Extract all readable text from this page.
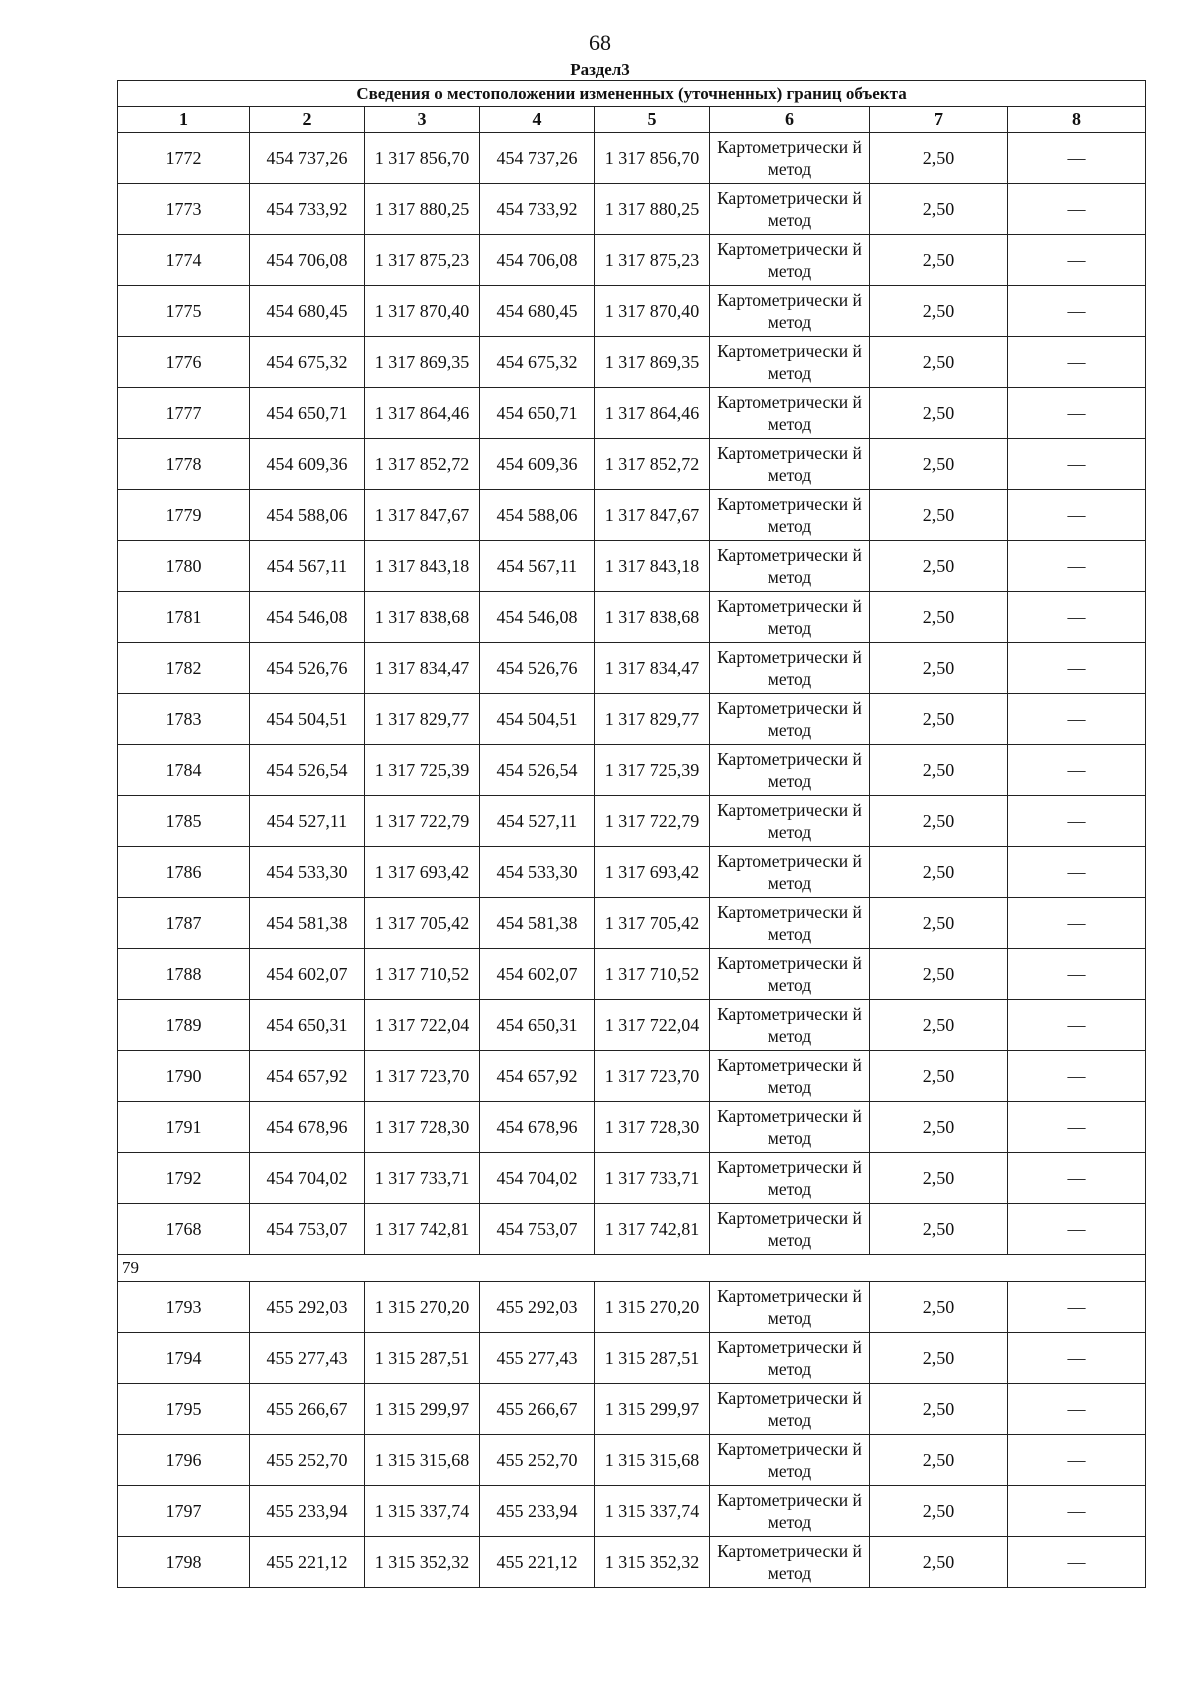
68
Раздел3
Сведения о местоположении измененных (уточненных) границ объекта							
1	2	3	4	5	6	7	8
1772	454 737,26	1 317 856,70	454 737,26	1 317 856,70	Картометрически й метод	2,50	—
1773	454 733,92	1 317 880,25	454 733,92	1 317 880,25	Картометрически й метод	2,50	—
1774	454 706,08	1 317 875,23	454 706,08	1 317 875,23	Картометрически й метод	2,50	—
1775	454 680,45	1 317 870,40	454 680,45	1 317 870,40	Картометрически й метод	2,50	—
1776	454 675,32	1 317 869,35	454 675,32	1 317 869,35	Картометрически й метод	2,50	—
1777	454 650,71	1 317 864,46	454 650,71	1 317 864,46	Картометрически й метод	2,50	—
1778	454 609,36	1 317 852,72	454 609,36	1 317 852,72	Картометрически й метод	2,50	—
1779	454 588,06	1 317 847,67	454 588,06	1 317 847,67	Картометрически й метод	2,50	—
1780	454 567,11	1 317 843,18	454 567,11	1 317 843,18	Картометрически й метод	2,50	—
1781	454 546,08	1 317 838,68	454 546,08	1 317 838,68	Картометрически й метод	2,50	—
1782	454 526,76	1 317 834,47	454 526,76	1 317 834,47	Картометрически й метод	2,50	—
1783	454 504,51	1 317 829,77	454 504,51	1 317 829,77	Картометрически й метод	2,50	—
1784	454 526,54	1 317 725,39	454 526,54	1 317 725,39	Картометрически й метод	2,50	—
1785	454 527,11	1 317 722,79	454 527,11	1 317 722,79	Картометрически й метод	2,50	—
1786	454 533,30	1 317 693,42	454 533,30	1 317 693,42	Картометрически й метод	2,50	—
1787	454 581,38	1 317 705,42	454 581,38	1 317 705,42	Картометрически й метод	2,50	—
1788	454 602,07	1 317 710,52	454 602,07	1 317 710,52	Картометрически й метод	2,50	—
1789	454 650,31	1 317 722,04	454 650,31	1 317 722,04	Картометрически й метод	2,50	—
1790	454 657,92	1 317 723,70	454 657,92	1 317 723,70	Картометрически й метод	2,50	—
1791	454 678,96	1 317 728,30	454 678,96	1 317 728,30	Картометрически й метод	2,50	—
1792	454 704,02	1 317 733,71	454 704,02	1 317 733,71	Картометрически й метод	2,50	—
1768	454 753,07	1 317 742,81	454 753,07	1 317 742,81	Картометрически й метод	2,50	—
79							
1793	455 292,03	1 315 270,20	455 292,03	1 315 270,20	Картометрически й метод	2,50	—
1794	455 277,43	1 315 287,51	455 277,43	1 315 287,51	Картометрически й метод	2,50	—
1795	455 266,67	1 315 299,97	455 266,67	1 315 299,97	Картометрически й метод	2,50	—
1796	455 252,70	1 315 315,68	455 252,70	1 315 315,68	Картометрически й метод	2,50	—
1797	455 233,94	1 315 337,74	455 233,94	1 315 337,74	Картометрически й метод	2,50	—
1798	455 221,12	1 315 352,32	455 221,12	1 315 352,32	Картометрически й метод	2,50	—
